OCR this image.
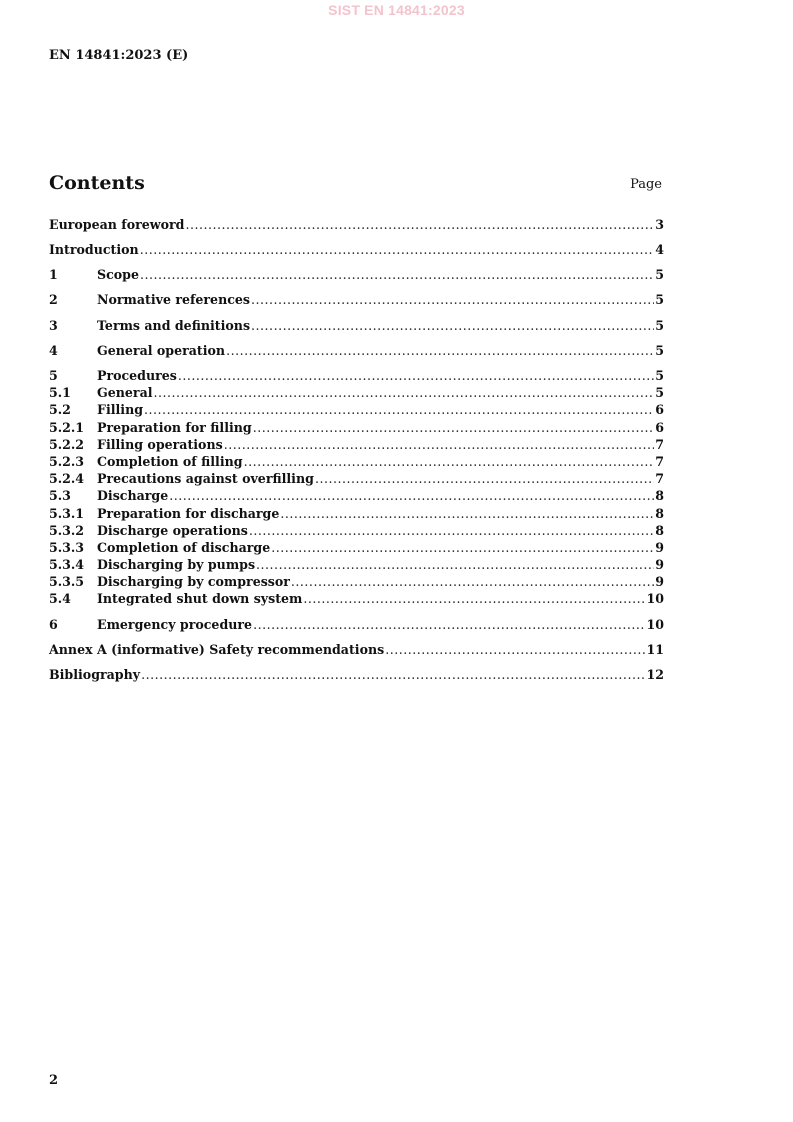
SIST EN 14841:2023
EN 14841:2023 (E)
Contents	Page
European foreword .....	3
Introduction .....	4
1	Scope .....	5
2	Normative references .....	5
3	Terms and definitions .....	5
4	General operation .....	5
5	Procedures .....	5
5.1	General .....	5
5.2	Filling .....	6
5.2.1	Preparation for filling .....	6
5.2.2	Filling operations .....	7
5.2.3	Completion of filling .....	7
5.2.4	Precautions against overfilling .....	7
5.3	Discharge .....	8
5.3.1	Preparation for discharge .....	8
5.3.2	Discharge operations .....	8
5.3.3	Completion of discharge .....	9
5.3.4	Discharging by pumps .....	9
5.3.5	Discharging by compressor .....	9
5.4	Integrated shut down system .....	10
6	Emergency procedure .....	10
Annex A (informative) Safety recommendations .....	11
Bibliography .....	12
2
